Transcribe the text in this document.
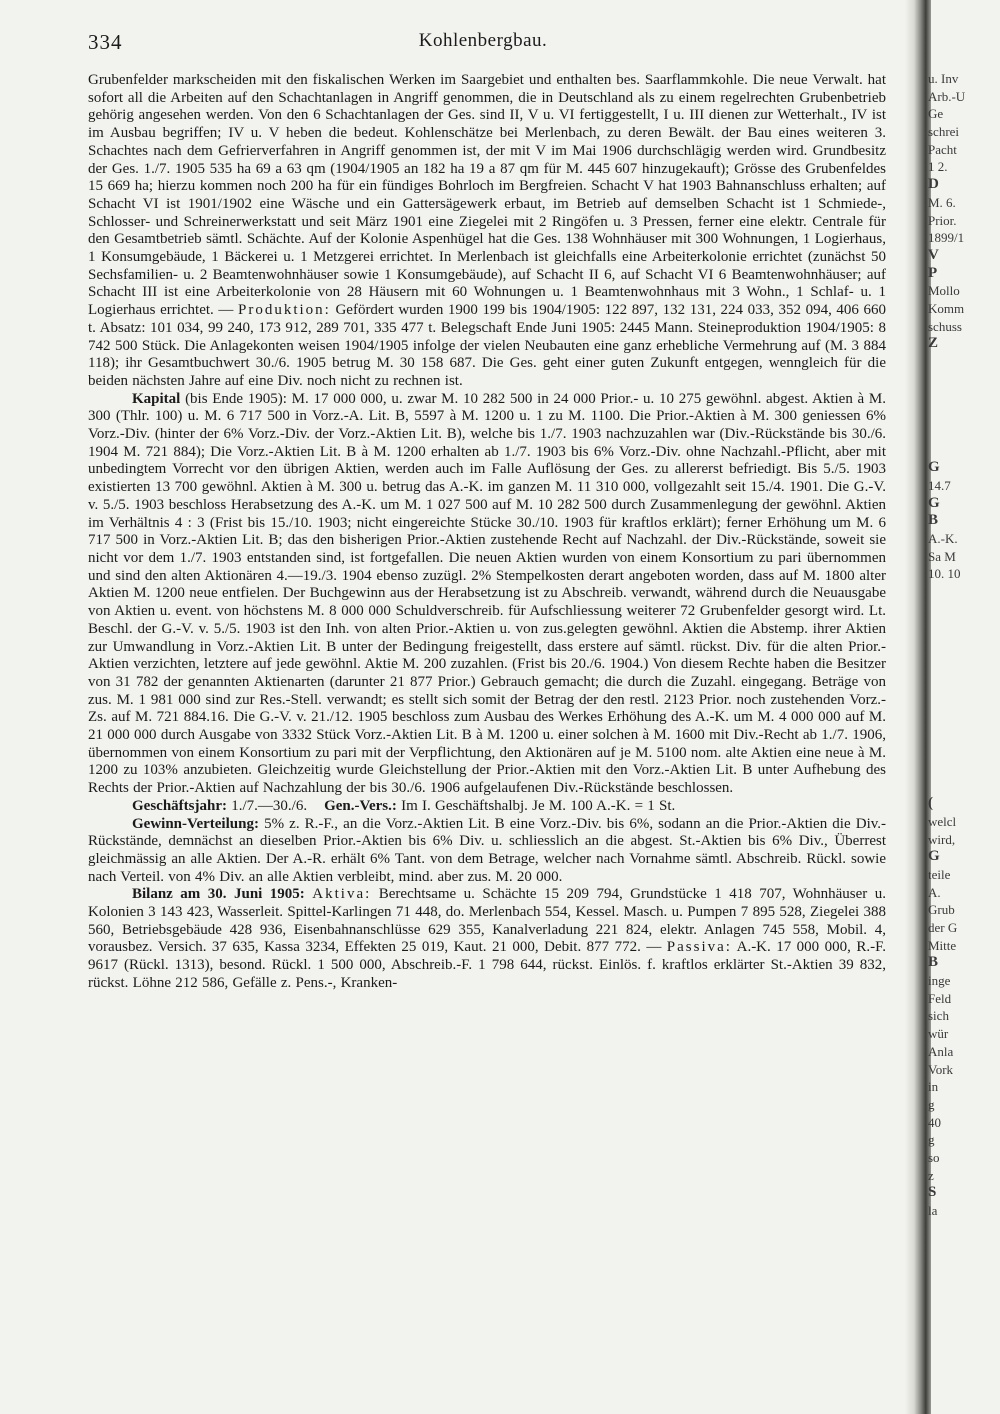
334	Kohlenbergbau.

Grubenfelder markscheiden mit den fiskalischen Werken im Saargebiet und enthalten bes. Saarflammkohle. Die neue Verwalt. hat sofort all die Arbeiten auf den Schachtanlagen in Angriff genommen, die in Deutschland als zu einem regelrechten Grubenbetrieb gehörig angesehen werden. Von den 6 Schachtanlagen der Ges. sind II, V u. VI fertiggestellt, I u. III dienen zur Wetterhalt., IV ist im Ausbau begriffen; IV u. V heben die bedeut. Kohlenschätze bei Merlenbach, zu deren Bewält. der Bau eines weiteren 3. Schachtes nach dem Gefrierverfahren in Angriff genommen ist, der mit V im Mai 1906 durchschlägig werden wird. Grundbesitz der Ges. 1./7. 1905 535 ha 69 a 63 qm (1904/1905 an 182 ha 19 a 87 qm für M. 445 607 hinzugekauft); Grösse des Grubenfeldes 15 669 ha; hierzu kommen noch 200 ha für ein fündiges Bohrloch im Bergfreien. Schacht V hat 1903 Bahnanschluss erhalten; auf Schacht VI ist 1901/1902 eine Wäsche und ein Gattersägewerk erbaut, im Betrieb auf demselben Schacht ist 1 Schmiede-, Schlosser- und Schreinerwerkstatt und seit März 1901 eine Ziegelei mit 2 Ringöfen u. 3 Pressen, ferner eine elektr. Centrale für den Gesamtbetrieb sämtl. Schächte. Auf der Kolonie Aspenhügel hat die Ges. 138 Wohnhäuser mit 300 Wohnungen, 1 Logierhaus, 1 Konsumgebäude, 1 Bäckerei u. 1 Metzgerei errichtet. In Merlenbach ist gleichfalls eine Arbeiterkolonie errichtet (zunächst 50 Sechsfamilien- u. 2 Beamtenwohnhäuser sowie 1 Konsumgebäude), auf Schacht II 6, auf Schacht VI 6 Beamtenwohnhäuser; auf Schacht III ist eine Arbeiterkolonie von 28 Häusern mit 60 Wohnungen u. 1 Beamtenwohnhaus mit 3 Wohn., 1 Schlaf- u. 1 Logierhaus errichtet. — Produktion: Gefördert wurden 1900 199 bis 1904/1905: 122 897, 132 131, 224 033, 352 094, 406 660 t. Absatz: 101 034, 99 240, 173 912, 289 701, 335 477 t. Belegschaft Ende Juni 1905: 2445 Mann. Steineproduktion 1904/1905: 8 742 500 Stück. Die Anlagekonten weisen 1904/1905 infolge der vielen Neubauten eine ganz erhebliche Vermehrung auf (M. 3 884 118); ihr Gesamtbuchwert 30./6. 1905 betrug M. 30 158 687. Die Ges. geht einer guten Zukunft entgegen, wenngleich für die beiden nächsten Jahre auf eine Div. noch nicht zu rechnen ist.

Kapital (bis Ende 1905): M. 17 000 000, u. zwar M. 10 282 500 in 24 000 Prior.- u. 10 275 gewöhnl. abgest. Aktien à M. 300 (Thlr. 100) u. M. 6 717 500 in Vorz.-A. Lit. B, 5597 à M. 1200 u. 1 zu M. 1100. Die Prior.-Aktien à M. 300 geniessen 6% Vorz.-Div. (hinter der 6% Vorz.-Div. der Vorz.-Aktien Lit. B), welche bis 1./7. 1903 nachzuzahlen war (Div.-Rückstände bis 30./6. 1904 M. 721 884); Die Vorz.-Aktien Lit. B à M. 1200 erhalten ab 1./7. 1903 bis 6% Vorz.-Div. ohne Nachzahl.-Pflicht, aber mit unbedingtem Vorrecht vor den übrigen Aktien, werden auch im Falle Auflösung der Ges. zu allererst befriedigt. Bis 5./5. 1903 existierten 13 700 gewöhnl. Aktien à M. 300 u. betrug das A.-K. im ganzen M. 11 310 000, vollgezahlt seit 15./4. 1901. Die G.-V. v. 5./5. 1903 beschloss Herabsetzung des A.-K. um M. 1 027 500 auf M. 10 282 500 durch Zusammenlegung der gewöhnl. Aktien im Verhältnis 4 : 3 (Frist bis 15./10. 1903; nicht eingereichte Stücke 30./10. 1903 für kraftlos erklärt); ferner Erhöhung um M. 6 717 500 in Vorz.-Aktien Lit. B; das den bisherigen Prior.-Aktien zustehende Recht auf Nachzahl. der Div.-Rückstände, soweit sie nicht vor dem 1./7. 1903 entstanden sind, ist fortgefallen. Die neuen Aktien wurden von einem Konsortium zu pari übernommen und sind den alten Aktionären 4.—19./3. 1904 ebenso zuzügl. 2% Stempelkosten derart angeboten worden, dass auf M. 1800 alter Aktien M. 1200 neue entfielen. Der Buchgewinn aus der Herabsetzung ist zu Abschreib. verwandt, während durch die Neuausgabe von Aktien u. event. von höchstens M. 8 000 000 Schuldverschreib. für Aufschliessung weiterer 72 Grubenfelder gesorgt wird. Lt. Beschl. der G.-V. v. 5./5. 1903 ist den Inh. von alten Prior.-Aktien u. von zus.gelegten gewöhnl. Aktien die Abstemp. ihrer Aktien zur Umwandlung in Vorz.-Aktien Lit. B unter der Bedingung freigestellt, dass erstere auf sämtl. rückst. Div. für die alten Prior.-Aktien verzichten, letztere auf jede gewöhnl. Aktie M. 200 zuzahlen. (Frist bis 20./6. 1904.) Von diesem Rechte haben die Besitzer von 31 782 der genannten Aktienarten (darunter 21 877 Prior.) Gebrauch gemacht; die durch die Zuzahl. eingegang. Beträge von zus. M. 1 981 000 sind zur Res.-Stell. verwandt; es stellt sich somit der Betrag der den restl. 2123 Prior. noch zustehenden Vorz.-Zs. auf M. 721 884.16. Die G.-V. v. 21./12. 1905 beschloss zum Ausbau des Werkes Erhöhung des A.-K. um M. 4 000 000 auf M. 21 000 000 durch Ausgabe von 3332 Stück Vorz.-Aktien Lit. B à M. 1200 u. einer solchen à M. 1600 mit Div.-Recht ab 1./7. 1906, übernommen von einem Konsortium zu pari mit der Verpflichtung, den Aktionären auf je M. 5100 nom. alte Aktien eine neue à M. 1200 zu 103% anzubieten. Gleichzeitig wurde Gleichstellung der Prior.-Aktien mit den Vorz.-Aktien Lit. B unter Aufhebung des Rechts der Prior.-Aktien auf Nachzahlung der bis 30./6. 1906 aufgelaufenen Div.-Rückstände beschlossen.

Geschäftsjahr: 1./7.—30./6. Gen.-Vers.: Im I. Geschäftshalbj. Je M. 100 A.-K. = 1 St.

Gewinn-Verteilung: 5% z. R.-F., an die Vorz.-Aktien Lit. B eine Vorz.-Div. bis 6%, sodann an die Prior.-Aktien die Div.-Rückstände, demnächst an dieselben Prior.-Aktien bis 6% Div. u. schliesslich an die abgest. St.-Aktien bis 6% Div., Überrest gleichmässig an alle Aktien. Der A.-R. erhält 6% Tant. von dem Betrage, welcher nach Vornahme sämtl. Abschreib. Rückl. sowie nach Verteil. von 4% Div. an alle Aktien verbleibt, mind. aber zus. M. 20 000.

Bilanz am 30. Juni 1905: Aktiva: Berechtsame u. Schächte 15 209 794, Grundstücke 1 418 707, Wohnhäuser u. Kolonien 3 143 423, Wasserleit. Spittel-Karlingen 71 448, do. Merlenbach 554, Kessel. Masch. u. Pumpen 7 895 528, Ziegelei 388 560, Betriebsgebäude 428 936, Eisenbahnanschlüsse 629 355, Kanalverladung 221 824, elektr. Anlagen 745 558, Mobil. 4, vorausbez. Versich. 37 635, Kassa 3234, Effekten 25 019, Kaut. 21 000, Debit. 877 772. — Passiva: A.-K. 17 000 000, R.-F. 9617 (Rückl. 1313), besond. Rückl. 1 500 000, Abschreib.-F. 1 798 644, rückst. Einlös. f. kraftlos erklärter St.-Aktien 39 832, rückst. Löhne 212 586, Gefälle z. Pens.-, Kranken-

u. Inv
Arb.-U
Ge
schrei
Pacht
1 2.
D
M. 6.
Prior.
1899/1
V
P
Mollo
Komm
schuss
Z
G
14.7
G
B
A.-K.
Sa M
10. 10
(
welcl
wird,
G
teile
A.
Grub
der G
Mitte
B
inge
Feld
sich
wür
Anla
Vork
in
g
40
g
so
z
S
la
